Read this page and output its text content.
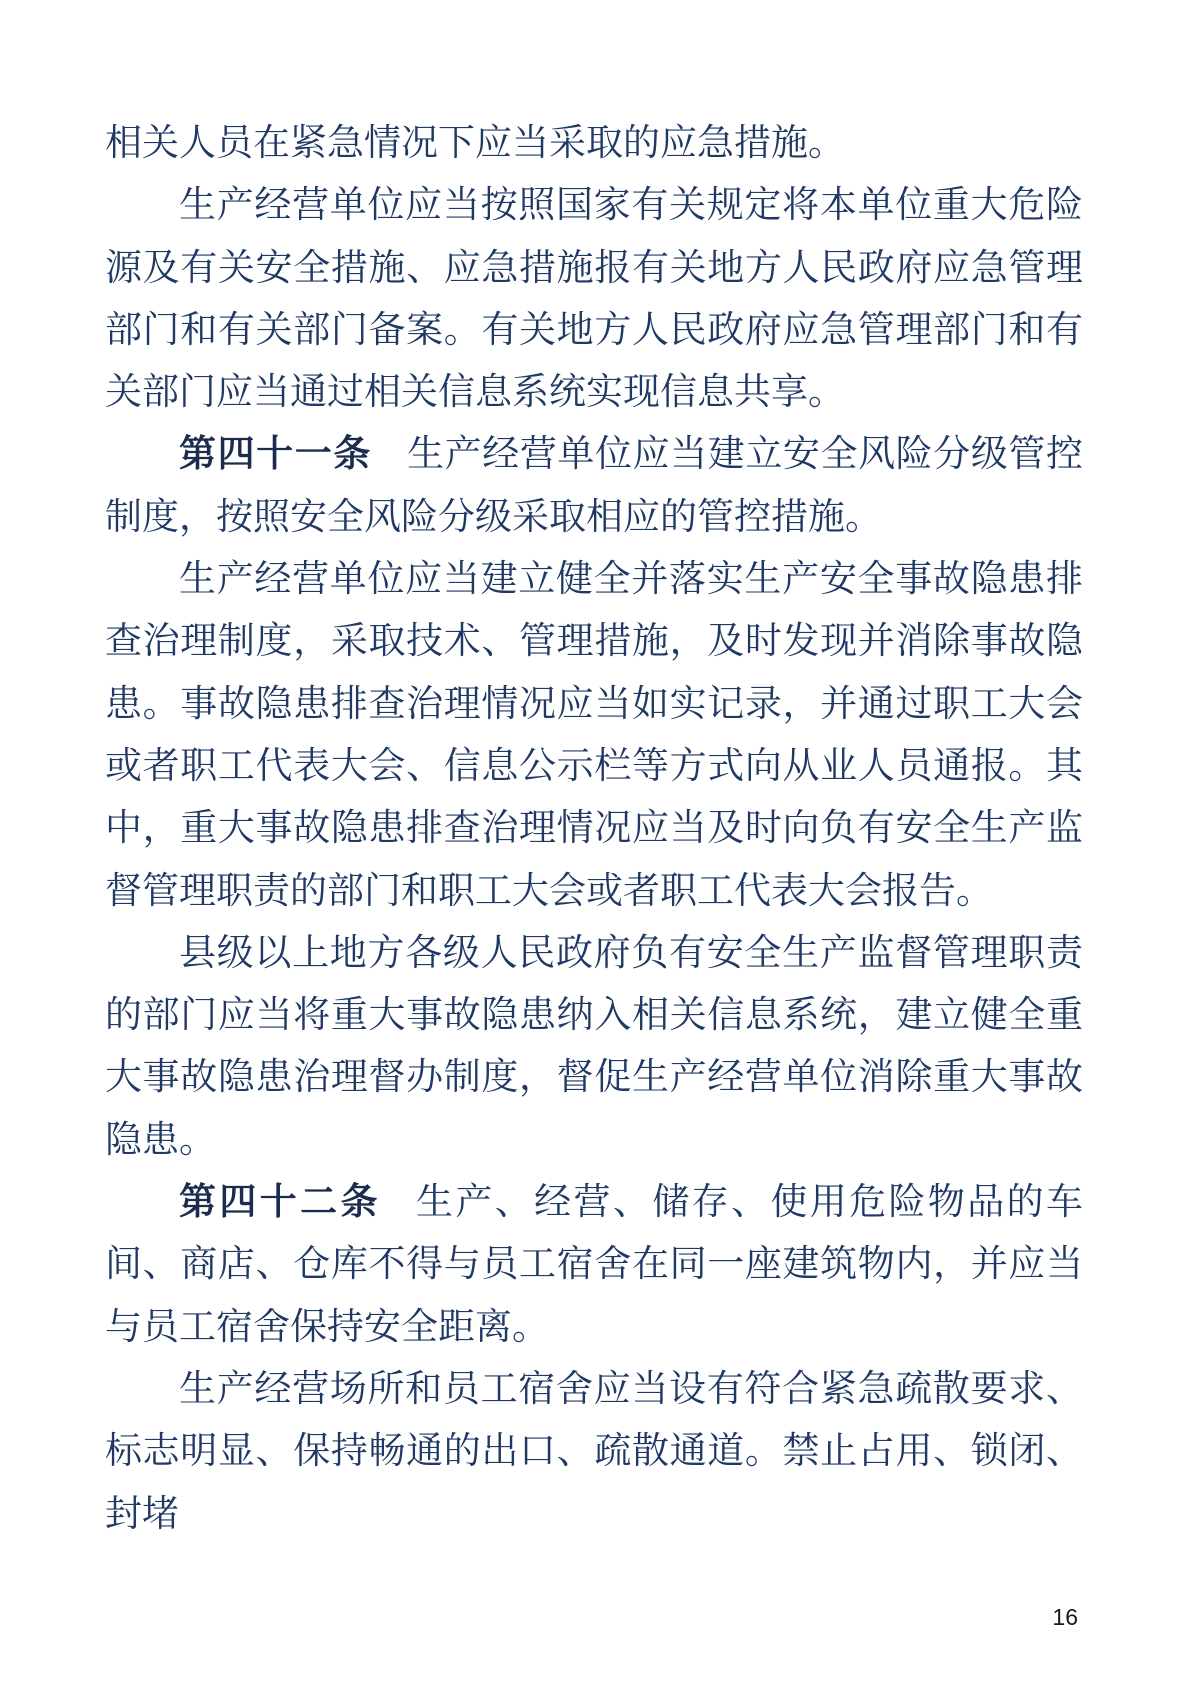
相关人员在紧急情况下应当采取的应急措施。

生产经营单位应当按照国家有关规定将本单位重大危险源及有关安全措施、应急措施报有关地方人民政府应急管理部门和有关部门备案。有关地方人民政府应急管理部门和有关部门应当通过相关信息系统实现信息共享。

第四十一条 生产经营单位应当建立安全风险分级管控制度，按照安全风险分级采取相应的管控措施。

生产经营单位应当建立健全并落实生产安全事故隐患排查治理制度，采取技术、管理措施，及时发现并消除事故隐患。事故隐患排查治理情况应当如实记录，并通过职工大会或者职工代表大会、信息公示栏等方式向从业人员通报。其中，重大事故隐患排查治理情况应当及时向负有安全生产监督管理职责的部门和职工大会或者职工代表大会报告。

县级以上地方各级人民政府负有安全生产监督管理职责的部门应当将重大事故隐患纳入相关信息系统，建立健全重大事故隐患治理督办制度，督促生产经营单位消除重大事故隐患。

第四十二条 生产、经营、储存、使用危险物品的车间、商店、仓库不得与员工宿舍在同一座建筑物内，并应当与员工宿舍保持安全距离。

生产经营场所和员工宿舍应当设有符合紧急疏散要求、标志明显、保持畅通的出口、疏散通道。禁止占用、锁闭、封堵

16
